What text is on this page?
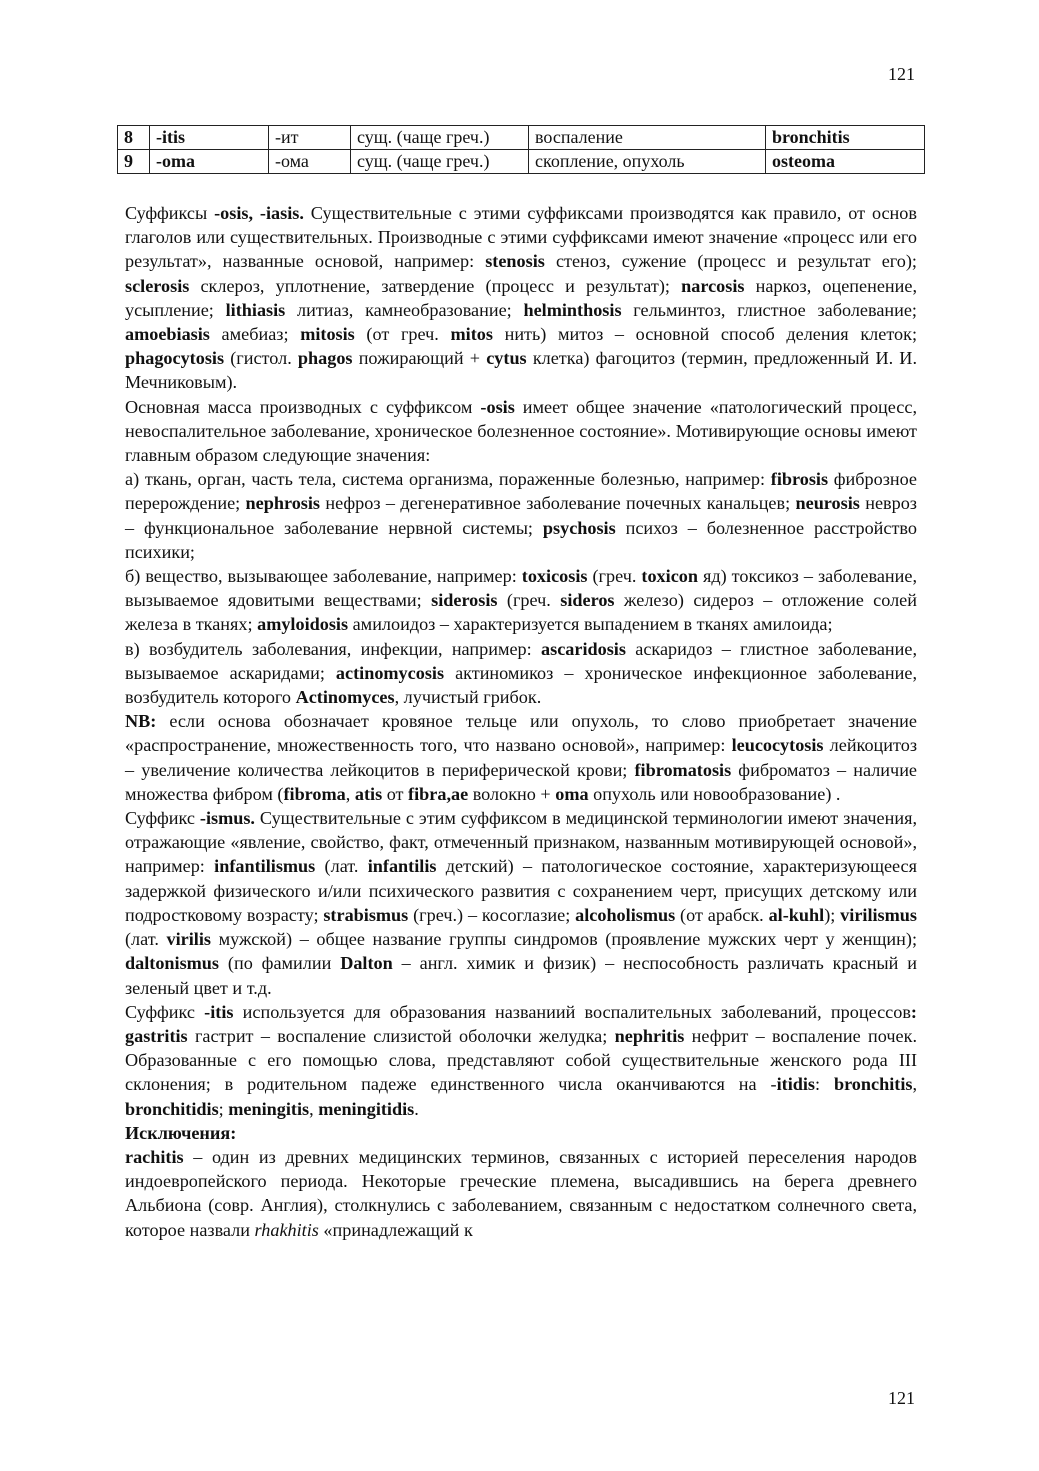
121
8	-itis	-ит	сущ. (чаще греч.)	воспаление	bronchitis
9	-oma	-ома	сущ. (чаще греч.)	скопление, опухоль	osteoma

Суффиксы -osis, -iasis. Существительные с этими суффиксами производятся как правило, от основ глаголов или существительных. Производные с этими суффиксами имеют значение «процесс или его результат», названные основой, например: stenosis стеноз, сужение (процесс и результат его); sclerosis склероз, уплотнение, затвердение (процесс и результат); narcosis наркоз, оцепенение, усыпление; lithiasis литиаз, камнеобразование; helminthosis гельминтоз, глистное заболевание; amoebiasis амебиаз; mitosis (от греч. mitos нить) митоз – основной способ деления клеток; phagocytosis (гистол. phagos пожирающий + cytus клетка) фагоцитоз (термин, предложенный И. И. Мечниковым).

Основная масса производных с суффиксом -osis имеет общее значение «патологический процесс, невоспалительное заболевание, хроническое болезненное состояние». Мотивирующие основы имеют главным образом следующие значения:

а) ткань, орган, часть тела, система организма, пораженные болезнью, например: fibrosis фиброзное перерождение; nephrosis нефроз – дегенеративное заболевание почечных канальцев; neurosis невроз – функциональное заболевание нервной системы; psychosis психоз – болезненное расстройство психики;

б) вещество, вызывающее заболевание, например: toxicosis (греч. toxicon яд) токсикоз – заболевание, вызываемое ядовитыми веществами; siderosis (греч. sideros железо) сидероз – отложение солей железа в тканях; amyloidosis амилоидоз – характеризуется выпадением в тканях амилоида;

в) возбудитель заболевания, инфекции, например: ascaridosis аскаридоз – глистное заболевание, вызываемое аскаридами; actinomycosis актиномикоз – хроническое инфекционное заболевание, возбудитель которого Actinomyces, лучистый грибок.

NB: если основа обозначает кровяное тельце или опухоль, то слово приобретает значение «распространение, множественность того, что названо основой», например: leucocytosis лейкоцитоз – увеличение количества лейкоцитов в периферической крови; fibromatosis фиброматоз – наличие множества фибром (fibroma, atis от fibra,ae волокно + oma опухоль или новообразование) .

Суффикс -ismus. Существительные с этим суффиксом в медицинской терминологии имеют значения, отражающие «явление, свойство, факт, отмеченный признаком, названным мотивирующей основой», например: infantilismus (лат. infantilis детский) – патологическое состояние, характеризующееся задержкой физического и/или психического развития с сохранением черт, присущих детскому или подростковому возрасту; strabismus (греч.) – косоглазие; alcoholismus (от арабск. al-kuhl); virilismus (лат. virilis мужской) – общее название группы синдромов (проявление мужских черт у женщин); daltonismus (по фамилии Dalton – англ. химик и физик) – неспособность различать красный и зеленый цвет и т.д.

Суффикс -itis используется для образования названиий воспалительных заболеваний, процессов: gastritis гастрит – воспаление слизистой оболочки желудка; nephritis нефрит – воспаление почек. Образованные с его помощью слова, представляют собой существительные женского рода III склонения; в родительном падеже единственного числа оканчиваются на -itidis: bronchitis, bronchitidis; meningitis, meningitidis.

Исключения:

rachitis – один из древних медицинских терминов, связанных с историей переселения народов индоевропейского периода. Некоторые греческие племена, высадившись на берега древнего Альбиона (совр. Англия), столкнулись с заболеванием, связанным с недостатком солнечного света, которое назвали rhakhitis «принадлежащий к

121
